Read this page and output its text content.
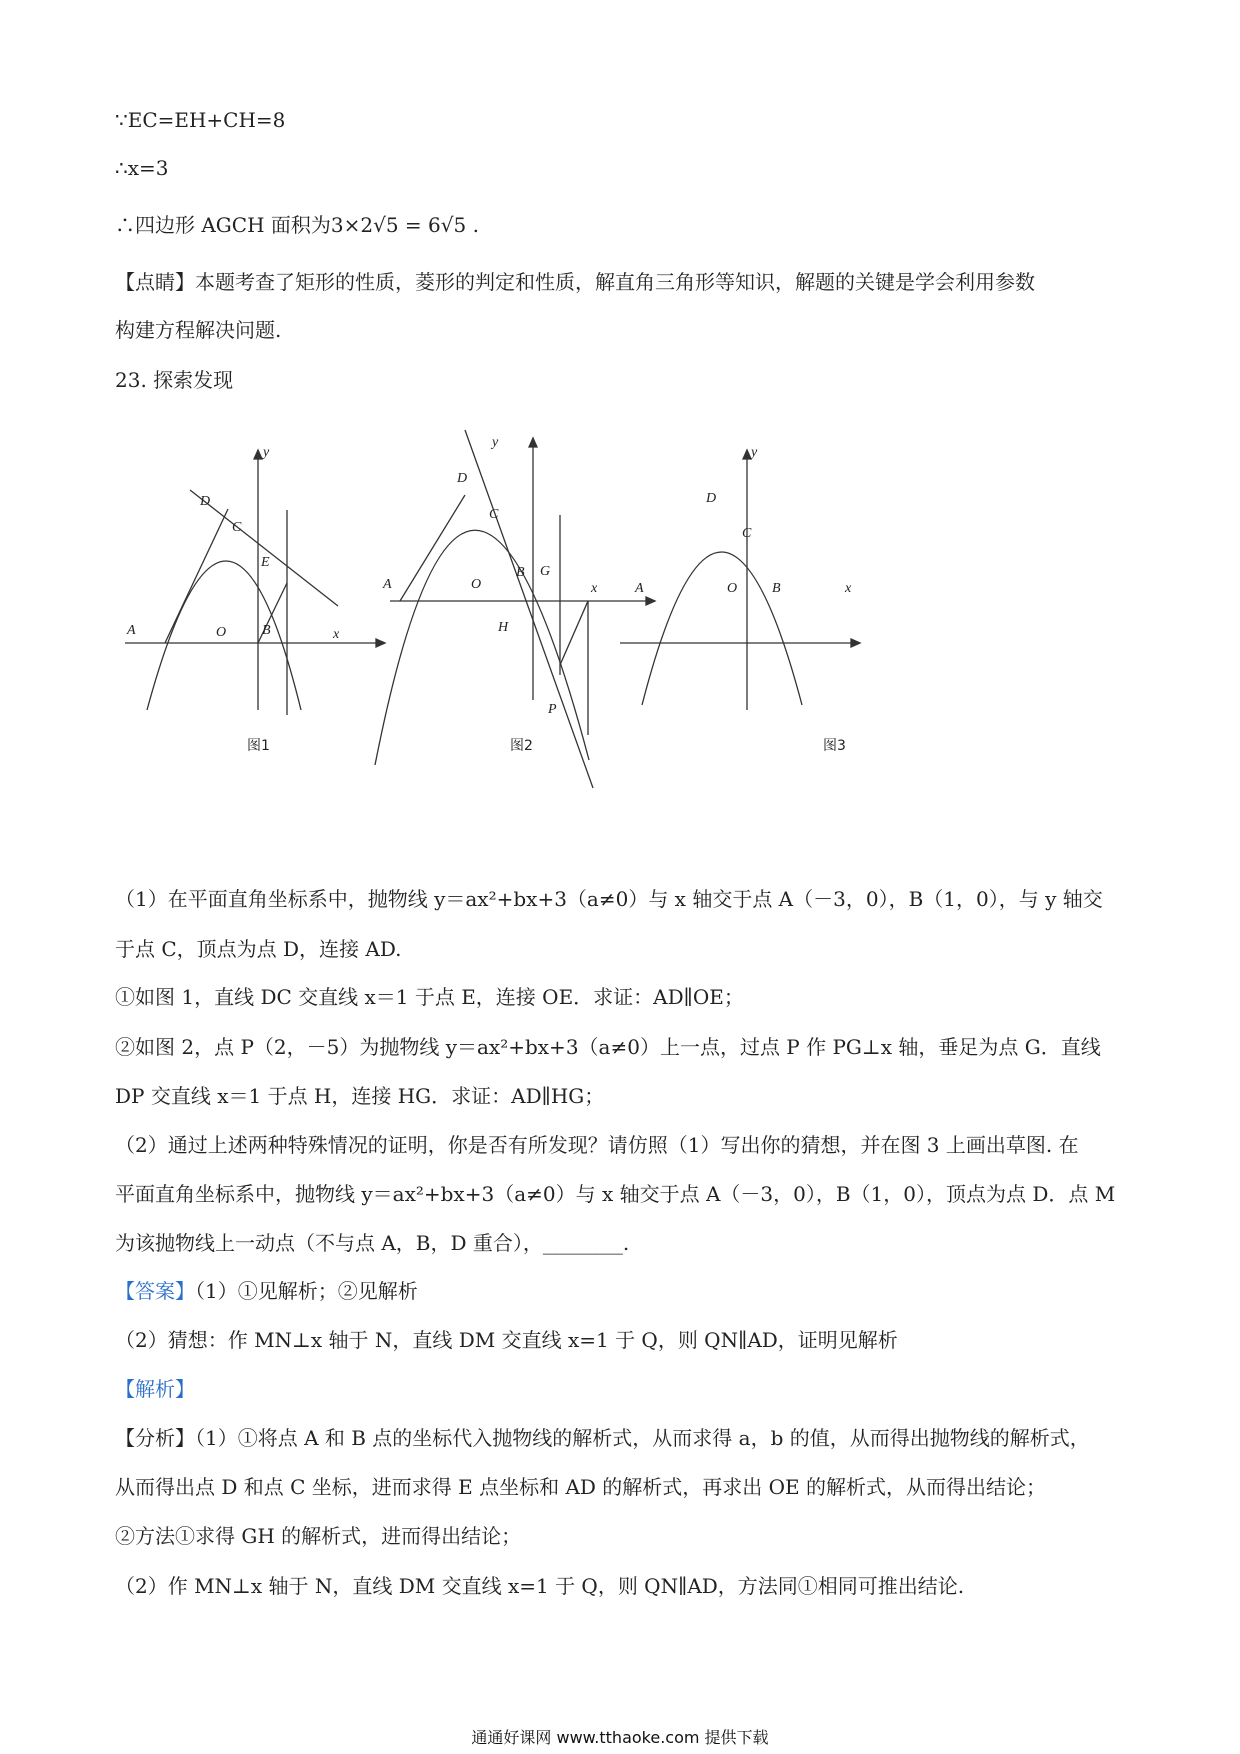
∵EC=EH+CH=8
∴x=3
∴四边形 AGCH 面积为3×2√5 = 6√5 .
【点睛】本题考查了矩形的性质，菱形的判定和性质，解直角三角形等知识，解题的关键是学会利用参数
构建方程解决问题.
23. 探索发现
y
D
C
E
A	O	B	x
y
D
C
B G
A	O	x
H
P
y
D
C
A	O B	x
图1	图2	图3
（1）在平面直角坐标系中，抛物线 y＝ax²+bx+3（a≠0）与 x 轴交于点 A（－3，0），B（1，0），与 y 轴交
于点 C，顶点为点 D，连接 AD.
①如图 1，直线 DC 交直线 x＝1 于点 E，连接 OE．求证：AD∥OE；
②如图 2，点 P（2，－5）为抛物线 y＝ax²+bx+3（a≠0）上一点，过点 P 作 PG⊥x 轴，垂足为点 G．直线
DP 交直线 x＝1 于点 H，连接 HG．求证：AD∥HG；
（2）通过上述两种特殊情况的证明，你是否有所发现？请仿照（1）写出你的猜想，并在图 3 上画出草图. 在
平面直角坐标系中，抛物线 y＝ax²+bx+3（a≠0）与 x 轴交于点 A（－3，0），B（1，0），顶点为点 D．点 M
为该抛物线上一动点（不与点 A，B，D 重合），________.
【答案】（1）①见解析；②见解析
（2）猜想：作 MN⊥x 轴于 N，直线 DM 交直线 x=1 于 Q，则 QN∥AD，证明见解析
【解析】
【分析】（1）①将点 A 和 B 点的坐标代入抛物线的解析式，从而求得 a，b 的值，从而得出抛物线的解析式，
从而得出点 D 和点 C 坐标，进而求得 E 点坐标和 AD 的解析式，再求出 OE 的解析式，从而得出结论；
②方法①求得 GH 的解析式，进而得出结论；
（2）作 MN⊥x 轴于 N，直线 DM 交直线 x=1 于 Q，则 QN∥AD，方法同①相同可推出结论.
通通好课网 www.tthaoke.com 提供下载
